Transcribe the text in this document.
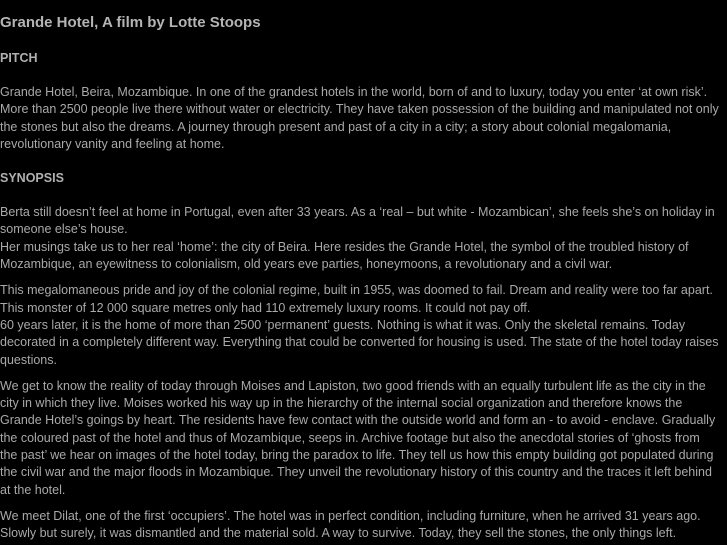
Grande Hotel, A film by Lotte Stoops
PITCH

Grande Hotel, Beira, Mozambique. In one of the grandest hotels in the world, born of and to luxury, today you enter ‘at own risk’. More than 2500 people live there without water or electricity. They have taken possession of the building and manipulated not only the stones but also the dreams. A journey through present and past of a city in a city; a story about colonial megalomania, revolutionary vanity and feeling at home.

SYNOPSIS

Berta still doesn’t feel at home in Portugal, even after 33 years. As a ‘real – but white - Mozambican’, she feels she’s on holiday in someone else’s house.

Her musings take us to her real ‘home’: the city of Beira. Here resides the Grande Hotel, the symbol of the troubled history of Mozambique, an eyewitness to colonialism, old years eve parties, honeymoons, a revolutionary and a civil war.

This megalomaneous pride and joy of the colonial regime, built in 1955, was doomed to fail. Dream and reality were too far apart. This monster of 12 000 square metres only had 110 extremely luxury rooms. It could not pay off.

60 years later, it is the home of more than 2500 ‘permanent’ guests. Nothing is what it was. Only the skeletal remains. Today decorated in a completely different way. Everything that could be converted for housing is used. The state of the hotel today raises questions.

We get to know the reality of today through Moises and Lapiston, two good friends with an equally turbulent life as the city in the city in which they live. Moises worked his way up in the hierarchy of the internal social organization and therefore knows the Grande Hotel’s goings by heart. The residents have few contact with the outside world and form an - to avoid - enclave. Gradually the coloured past of the hotel and thus of Mozambique, seeps in. Archive footage but also the anecdotal stories of ‘ghosts from the past’ we hear on images of the hotel today, bring the paradox to life. They tell us how this empty building got populated during the civil war and the major floods in Mozambique. They unveil the revolutionary history of this country and the traces it left behind at the hotel.

We meet Dilat, one of the first ‘occupiers’. The hotel was in perfect condition, including furniture, when he arrived 31 years ago. Slowly but surely, it was dismantled and the material sold. A way to survive. Today, they sell the stones, the only things left.
